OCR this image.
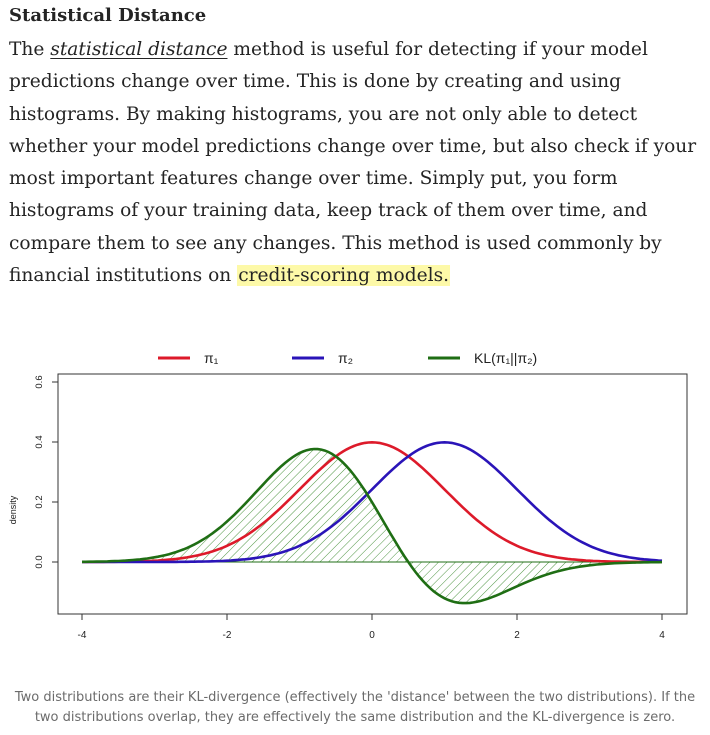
Statistical Distance

The statistical distance method is useful for detecting if your model predictions change over time. This is done by creating and using histograms. By making histograms, you are not only able to detect whether your model predictions change over time, but also check if your most important features change over time. Simply put, you form histograms of your training data, keep track of them over time, and compare them to see any changes. This method is used commonly by financial institutions on credit-scoring models.

-4	-2	0	2	4
0.0
0.2
0.4
0.6
density
π₁	π₂	KL(π₁||π₂)

Two distributions are their KL-divergence (effectively the 'distance' between the two distributions). If the two distributions overlap, they are effectively the same distribution and the KL-divergence is zero.
